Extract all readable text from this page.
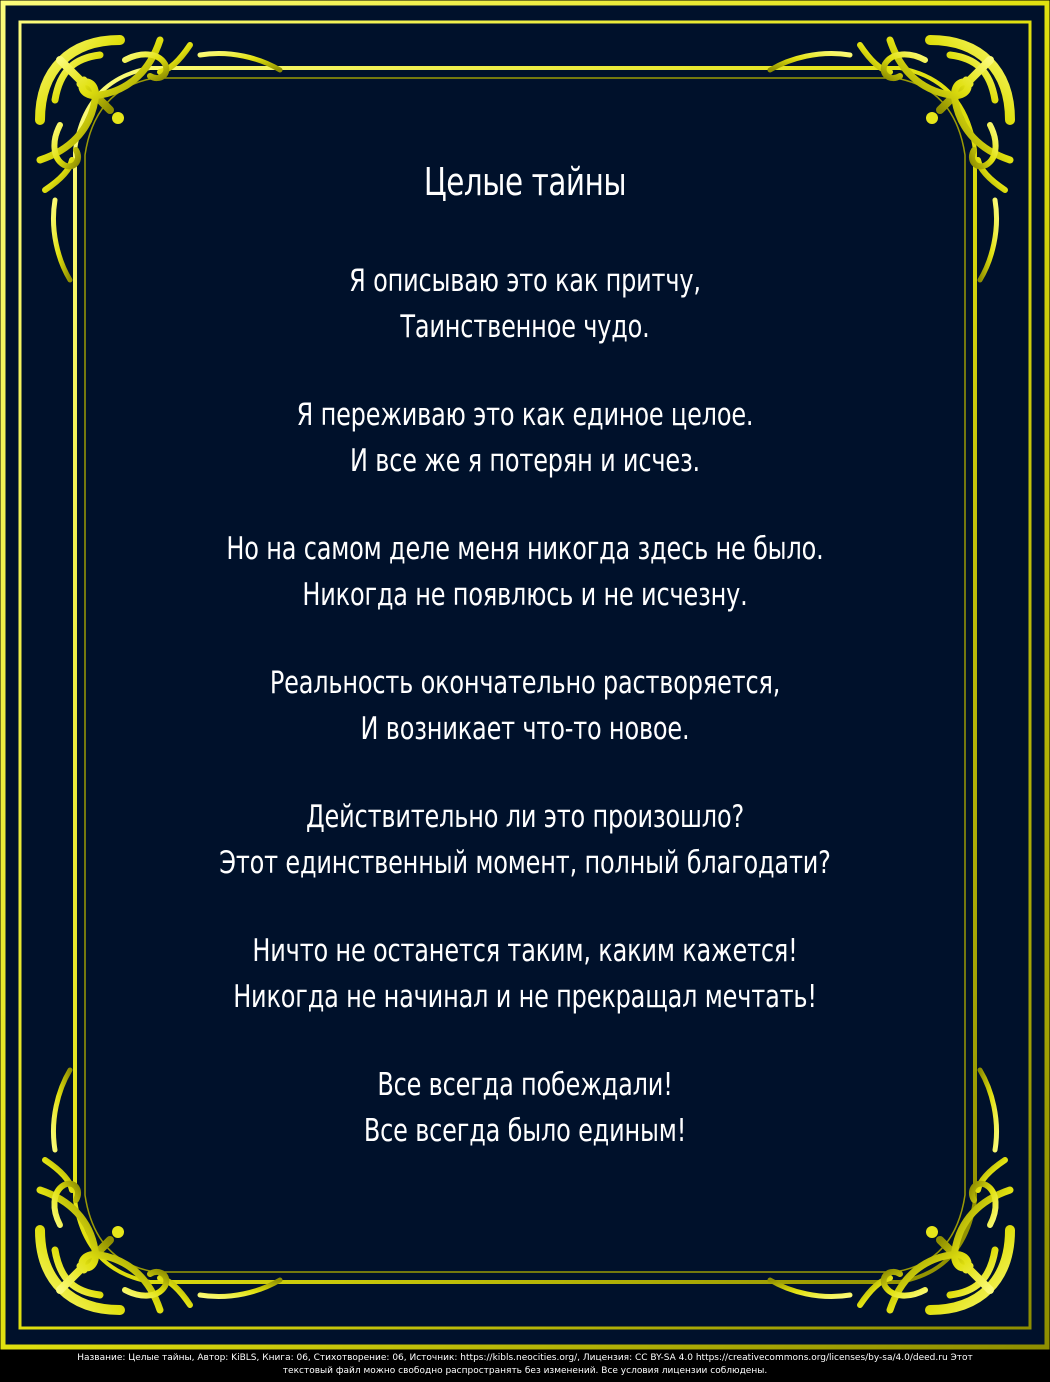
Целые тайны
Я описываю это как притчу,
Таинственное чудо.
Я переживаю это как единое целое.
И все же я потерян и исчез.
Но на самом деле меня никогда здесь не было.
Никогда не появлюсь и не исчезну.
Реальность окончательно растворяется,
И возникает что-то новое.
Действительно ли это произошло?
Этот единственный момент, полный благодати?
Ничто не останется таким, каким кажется!
Никогда не начинал и не прекращал мечтать!
Все всегда побеждали!
Все всегда было единым!
Название: Целые тайны, Автор: KiBLS, Книга: 06, Стихотворение: 06, Источник: https://kibls.neocities.org/, Лицензия: CC BY-SA 4.0 https://creativecommons.org/licenses/by-sa/4.0/deed.ru Этот
текстовый файл можно свободно распространять без изменений. Все условия лицензии соблюдены.
